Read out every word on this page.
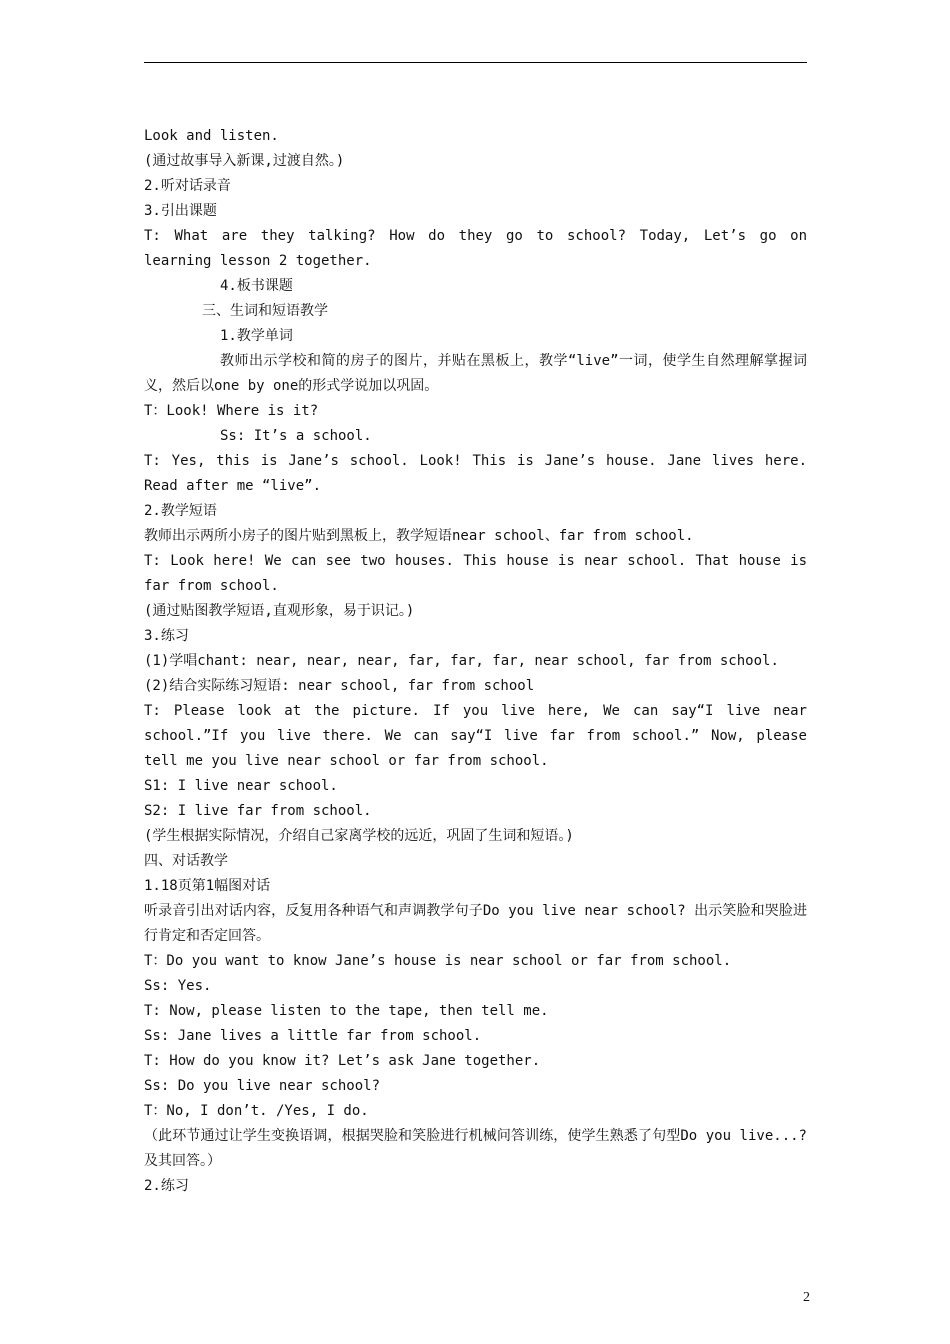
Look and listen.
(通过故事导入新课,过渡自然。)
2.听对话录音
3.引出课题
T: What are they talking? How do they go to school? Today, Let’s go on learning lesson 2 together.
4.板书课题
三、生词和短语教学
1.教学单词
教师出示学校和简的房子的图片，并贴在黑板上，教学“live”一词，使学生自然理解掌握词义，然后以one by one的形式学说加以巩固。
T：Look! Where is it?
Ss: It’s a school.
T: Yes, this is Jane’s school. Look! This is Jane’s house. Jane lives here. Read after me “live”.
2.教学短语
教师出示两所小房子的图片贴到黑板上，教学短语near school、far from school.
T: Look here! We can see two houses. This house is near school. That house is far from school.
(通过贴图教学短语,直观形象，易于识记。)
3.练习
(1)学唱chant: near, near, near, far, far, far, near school, far from school.
(2)结合实际练习短语: near school, far from school
T: Please look at the picture. If you live here, We can say“I live near school.”If you live there. We can say“I live far from school.” Now, please tell me you live near school or far from school.
S1: I live near school.
S2: I live far from school.
(学生根据实际情况，介绍自己家离学校的远近，巩固了生词和短语。)
四、对话教学
1.18页第1幅图对话
听录音引出对话内容，反复用各种语气和声调教学句子Do you live near school? 出示笑脸和哭脸进行肯定和否定回答。
T：Do you want to know Jane’s house is near school or far from school.
Ss: Yes.
T: Now, please listen to the tape, then tell me.
Ss: Jane lives a little far from school.
T: How do you know it? Let’s ask Jane together.
Ss: Do you live near school?
T：No, I don’t. /Yes, I do.
（此环节通过让学生变换语调，根据哭脸和笑脸进行机械问答训练，使学生熟悉了句型Do you live...?及其回答。）
2.练习
2
